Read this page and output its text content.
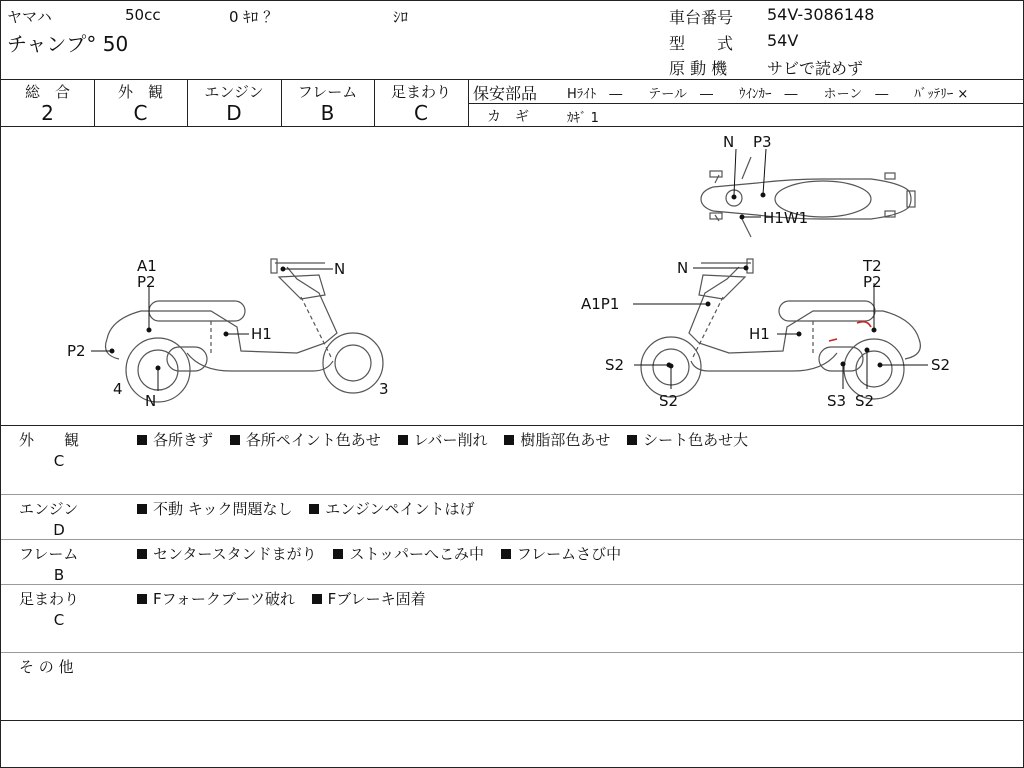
ヤマハ	50cc	0 ｷﾛ ？	ｼﾛ
チャンプ° 50
車台番号 54V-3086148
型　　式 54V
原 動 機 サビで読めず
総　合
2
外　観
C
エンジン
D
フレーム
B
足まわり
C
保安部品 Hﾗｲﾄ　―　　テール　―　　ｳｲﾝｶｰ　―　　ホーン　―　　ﾊﾞｯﾃﾘｰ ×
カ　ギ	ｶｷﾞ 1
N P3
H1W1
A1
P2
P2
N
H1
4
N
3
N
A1P1
H1
T2
P2
S2
S2
S2
S3 S2
外　　観
C
各所きず 各所ペイント色あせ レバー削れ 樹脂部色あせ シート色あせ大
エンジン
D
不動 キック問題なし エンジンペイントはげ
フレーム
B
センタースタンドまがり ストッパーへこみ中 フレームさび中
足まわり
C
Fフォークブーツ破れ Fブレーキ固着
そ の 他
